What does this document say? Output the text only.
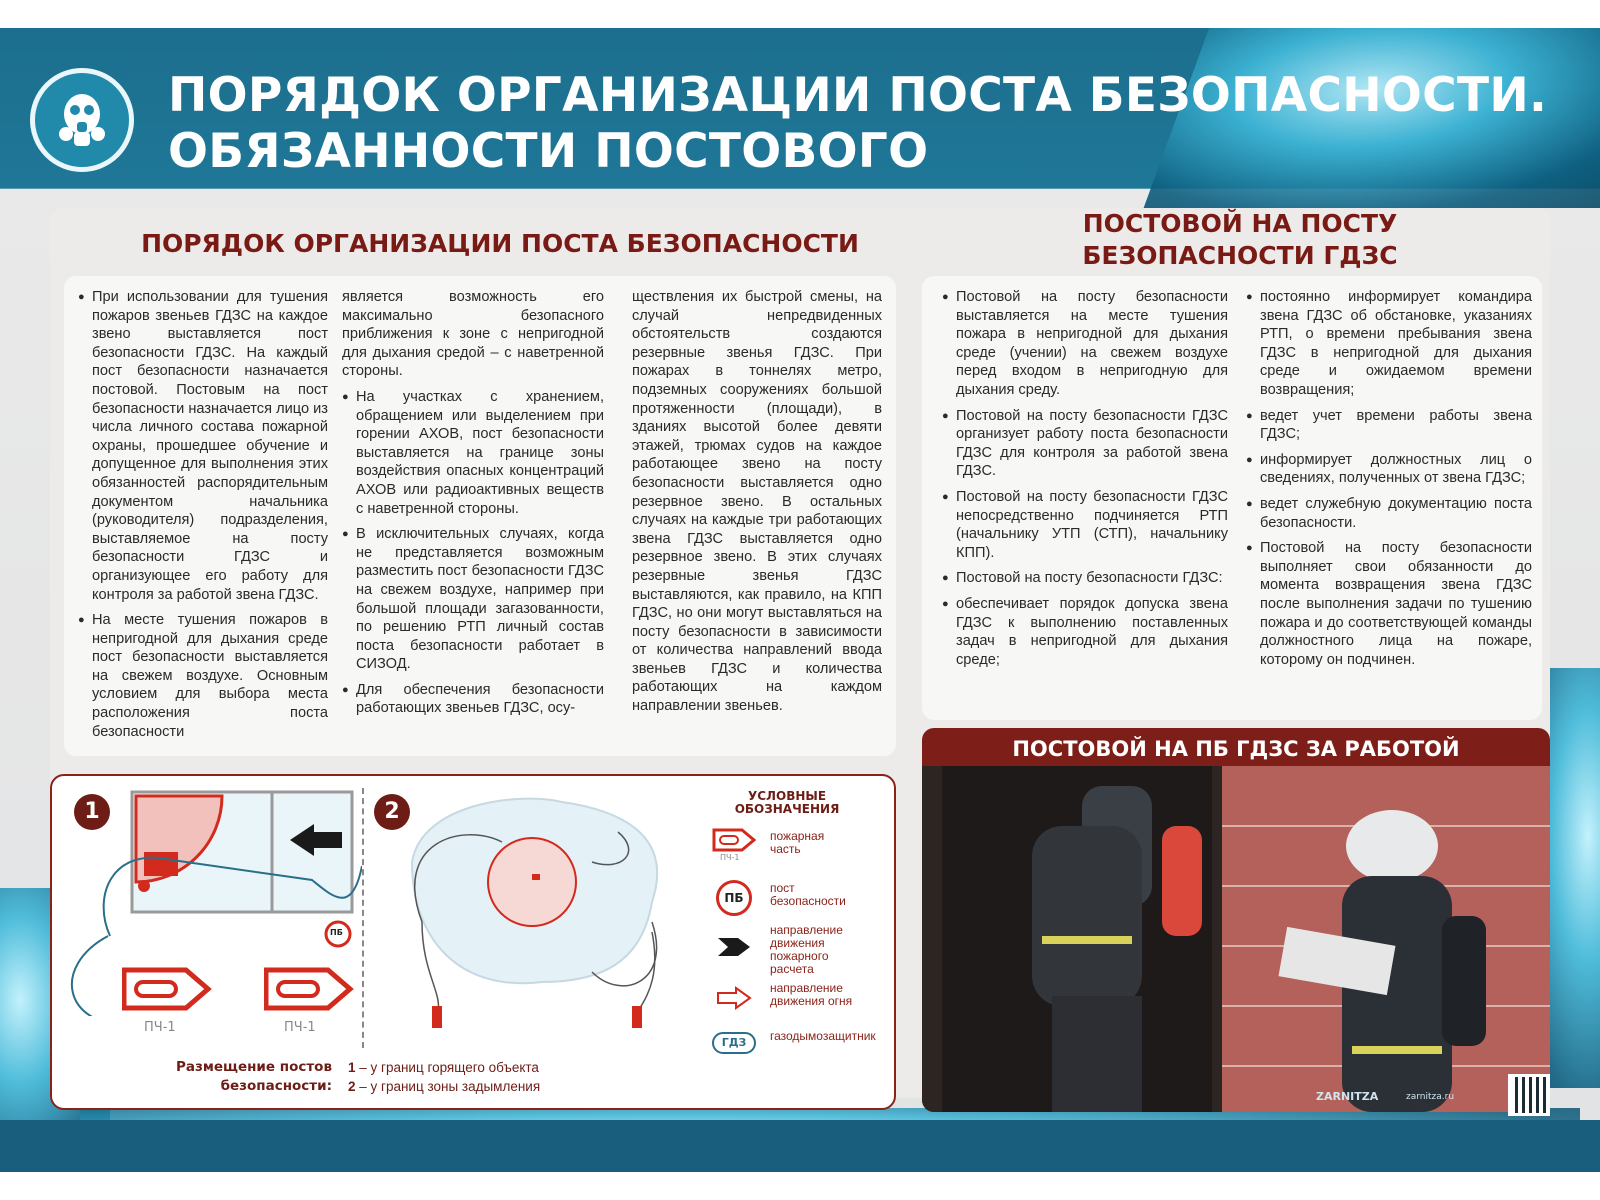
ПОРЯДОК ОРГАНИЗАЦИИ ПОСТА БЕЗОПАСНОСТИ.
ОБЯЗАННОСТИ ПОСТОВОГО
ПОРЯДОК ОРГАНИЗАЦИИ ПОСТА БЕЗОПАСНОСТИ

● При использовании для тушения пожаров звеньев ГДЗС на каждое звено выставляется пост безопасности ГДЗС. На каждый пост безопасности назначается постовой. Постовым на пост безопасности назначается лицо из числа личного состава пожарной охраны, прошедшее обучение и допущенное для выполнения этих обязанностей распорядительным документом начальника (руководителя) подразделения, выставляемое на посту безопасности ГДЗС и организующее его работу для контроля за работой звена ГДЗС.

● На месте тушения пожаров в непригодной для дыхания среде пост безопасности выставляется на свежем воздухе. Основным условием для выбора места расположения поста безопасности

является возможность его максимально безопасного приближения к зоне с непригодной для дыхания средой – с наветренной стороны.

● На участках с хранением, обращением или выделением при горении АХОВ, пост безопасности выставляется на границе зоны воздействия опасных концентраций АХОВ или радиоактивных веществ с наветренной стороны.

● В исключительных случаях, когда не представляется возможным разместить пост безопасности ГДЗС на свежем воздухе, например при большой площади загазованности, по решению РТП личный состав поста безопасности работает в СИЗОД.

● Для обеспечения безопасности работающих звеньев ГДЗС, осу-

ществления их быстрой смены, на случай непредвиденных обстоятельств создаются резервные звенья ГДЗС. При пожарах в тоннелях метро, подземных сооружениях большой протяженности (площади), в зданиях высотой более девяти этажей, трюмах судов на каждое работающее звено на посту безопасности выставляется одно резервное звено. В остальных случаях на каждые три работающих звена ГДЗС выставляется одно резервное звено. В этих случаях резервные звенья ГДЗС выставляются, как правило, на КПП ГДЗС, но они могут выставляться на посту безопасности в зависимости от количества направлений ввода звеньев ГДЗС и количества работающих на каждом направлении звеньев.

ПОСТОВОЙ НА ПОСТУ
БЕЗОПАСНОСТИ ГДЗС

● Постовой на посту безопасности выставляется на месте тушения пожара в непригодной для дыхания среде (учении) на свежем воздухе перед входом в непригодную для дыхания среду.

● Постовой на посту безопасности ГДЗС организует работу поста безопасности ГДЗС для контроля за работой звена ГДЗС.

● Постовой на посту безопасности ГДЗС непосредственно подчиняется РТП (начальнику УТП (СТП), начальнику КПП).

● Постовой на посту безопасности ГДЗС:

● обеспечивает порядок допуска звена ГДЗС к выполнению поставленных задач в непригодной для дыхания среде;

● постоянно информирует командира звена ГДЗС об обстановке, указаниях РТП, о времени пребывания звена ГДЗС в непригодной для дыхания среде и ожидаемом времени возвращения;

● ведет учет времени работы звена ГДЗС;

● информирует должностных лиц о сведениях, полученных от звена ГДЗС;

● ведет служебную документацию поста безопасности.

● Постовой на посту безопасности выполняет свои обязанности до момента возвращения звена ГДЗС после выполнения задачи по тушению пожара и до соответствующей команды должностного лица на пожаре, которому он подчинен.

1	2
ПБ
ПЧ-1	ПЧ-1
УСЛОВНЫЕ
ОБОЗНАЧЕНИЯ
ПЧ-1
пожарная часть
ПБ
пост безопасности
направление движения пожарного расчета
направление движения огня
ГДЗ	газодымозащитник
Размещение постов
безопасности:
1 – у границ горящего объекта
2 – у границ зоны задымления
ПОСТОВОЙ НА ПБ ГДЗС ЗА РАБОТОЙ
ZARNITZA	zarnitza.ru
